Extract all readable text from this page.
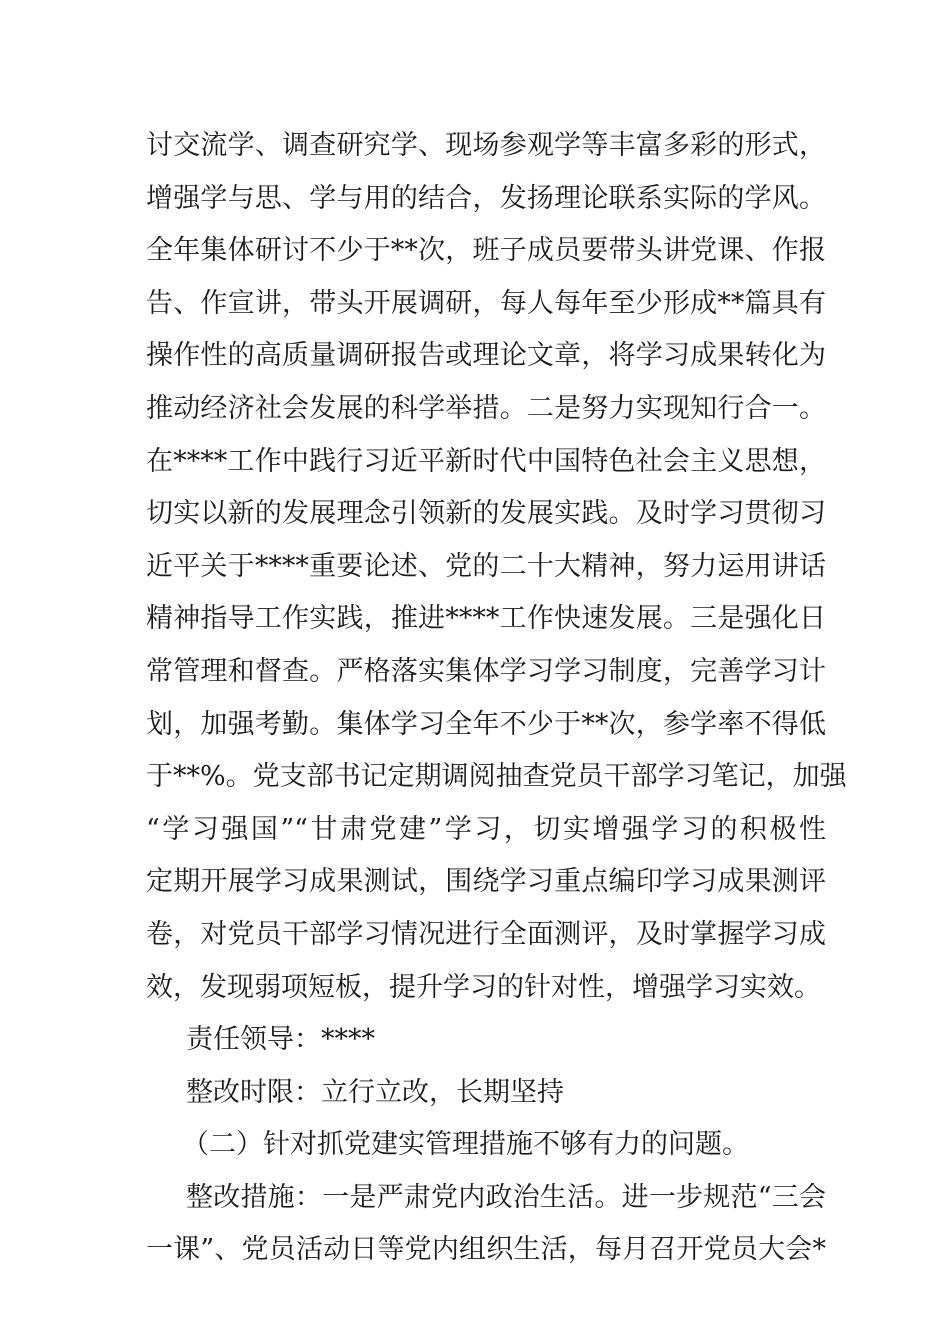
讨交流学、调查研究学、现场参观学等丰富多彩的形式，
增强学与思、学与用的结合，发扬理论联系实际的学风。
全年集体研讨不少于**次，班子成员要带头讲党课、作报
告、作宣讲，带头开展调研，每人每年至少形成**篇具有
操作性的高质量调研报告或理论文章，将学习成果转化为
推动经济社会发展的科学举措。二是努力实现知行合一。
在****工作中践行习近平新时代中国特色社会主义思想，
切实以新的发展理念引领新的发展实践。及时学习贯彻习
近平关于****重要论述、党的二十大精神，努力运用讲话
精神指导工作实践，推进****工作快速发展。三是强化日
常管理和督查。严格落实集体学习学习制度，完善学习计
划，加强考勤。集体学习全年不少于**次，参学率不得低
于**%。党支部书记定期调阅抽查党员干部学习笔记，加强
“学习强国”“甘肃党建”学习，切实增强学习的积极性
定期开展学习成果测试，围绕学习重点编印学习成果测评
卷，对党员干部学习情况进行全面测评，及时掌握学习成
效，发现弱项短板，提升学习的针对性，增强学习实效。
责任领导：****
整改时限：立行立改，长期坚持
（二）针对抓党建实管理措施不够有力的问题。
整改措施：一是严肃党内政治生活。进一步规范“三会
一课”、党员活动日等党内组织生活，每月召开党员大会*
